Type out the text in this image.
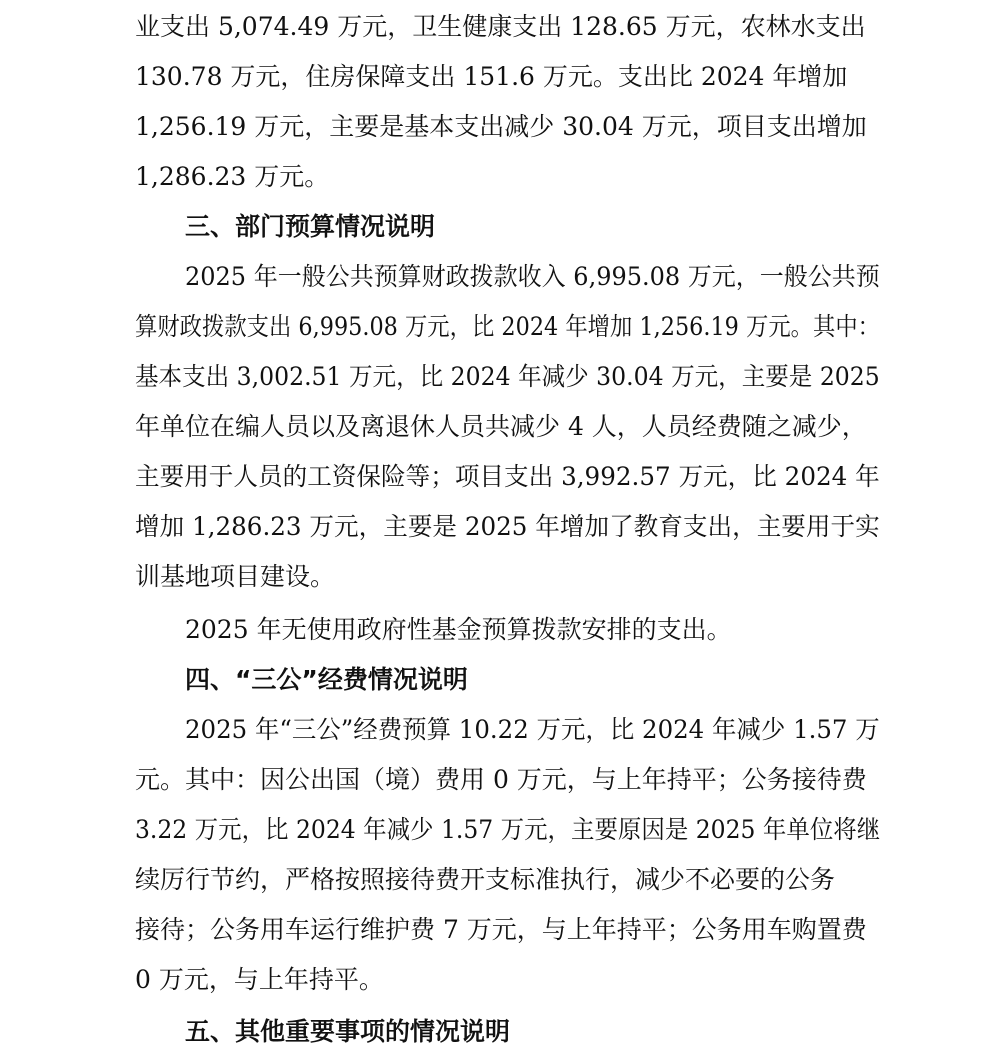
业支出 5,074.49 万元，卫生健康支出 128.65 万元，农林水支出

130.78 万元，住房保障支出 151.6 万元。支出比 2024 年增加

1,256.19 万元，主要是基本支出减少 30.04 万元，项目支出增加

1,286.23 万元。

三、部门预算情况说明

2025 年一般公共预算财政拨款收入 6,995.08 万元，一般公共预

算财政拨款支出 6,995.08 万元，比 2024 年增加 1,256.19 万元。其中：

基本支出 3,002.51 万元，比 2024 年减少 30.04 万元，主要是 2025

年单位在编人员以及离退休人员共减少 4 人，人员经费随之减少，

主要用于人员的工资保险等；项目支出 3,992.57 万元，比 2024 年

增加 1,286.23 万元，主要是 2025 年增加了教育支出，主要用于实

训基地项目建设。

2025 年无使用政府性基金预算拨款安排的支出。

四、“三公”经费情况说明

2025 年“三公”经费预算 10.22 万元，比 2024 年减少 1.57 万

元。其中：因公出国（境）费用 0 万元，与上年持平；公务接待费

3.22 万元，比 2024 年减少 1.57 万元，主要原因是 2025 年单位将继

续厉行节约，严格按照接待费开支标准执行，减少不必要的公务

接待；公务用车运行维护费 7 万元，与上年持平；公务用车购置费

0 万元，与上年持平。

五、其他重要事项的情况说明
